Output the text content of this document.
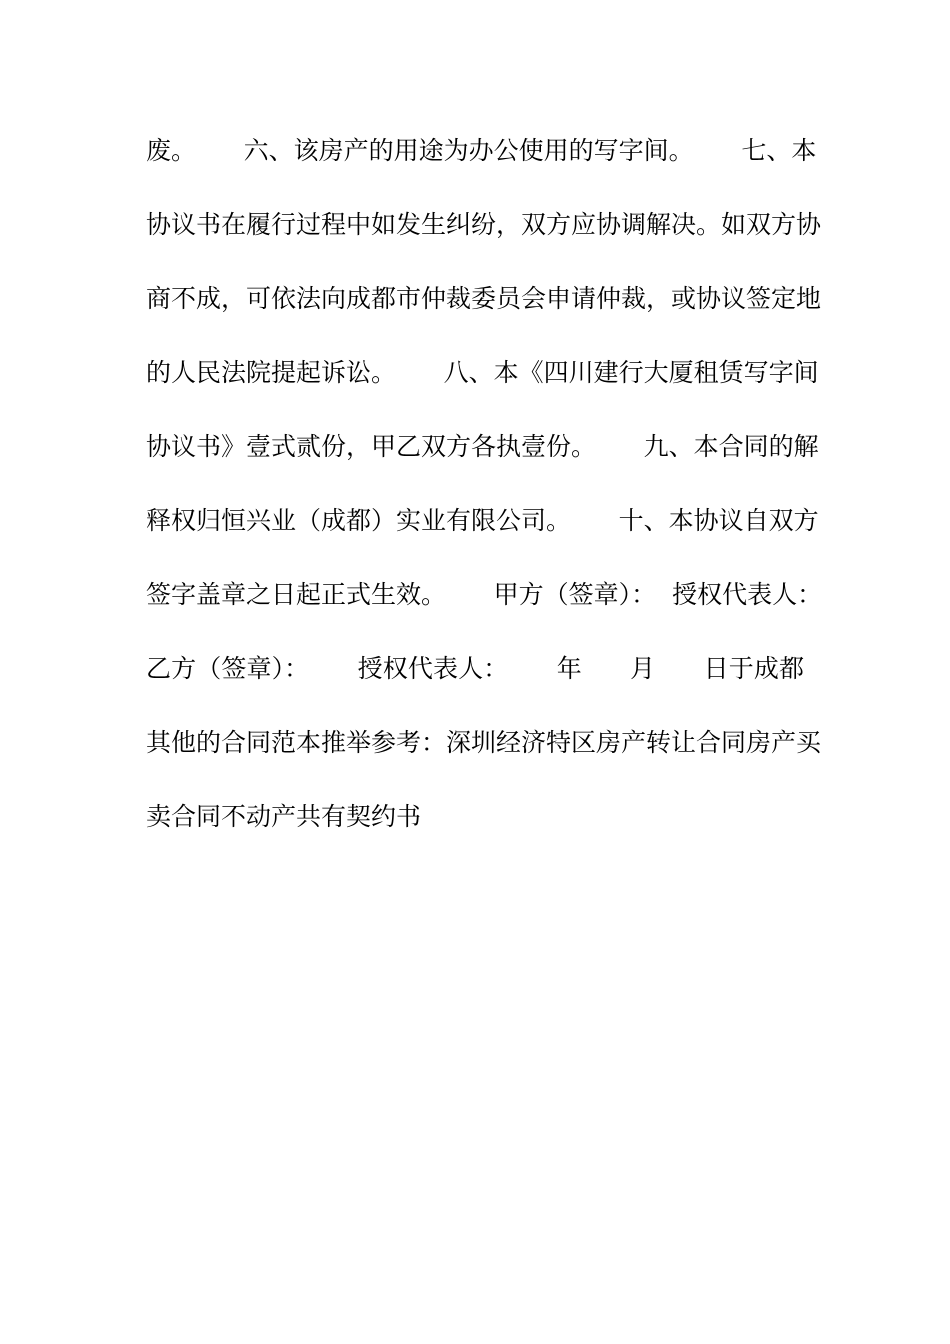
废。      六、该房产的用途为办公使用的写字间。      七、本
协议书在履行过程中如发生纠纷，双方应协调解决。如双方协
商不成，可依法向成都市仲裁委员会申请仲裁，或协议签定地
的人民法院提起诉讼。      八、本《四川建行大厦租赁写字间
协议书》壹式贰份，甲乙双方各执壹份。      九、本合同的解
释权归恒兴业（成都）实业有限公司。      十、本协议自双方
签字盖章之日起正式生效。      甲方（签章）：  授权代表人：
乙方（签章）：      授权代表人：      年      月      日于成都
其他的合同范本推举参考：深圳经济特区房产转让合同房产买
卖合同不动产共有契约书
